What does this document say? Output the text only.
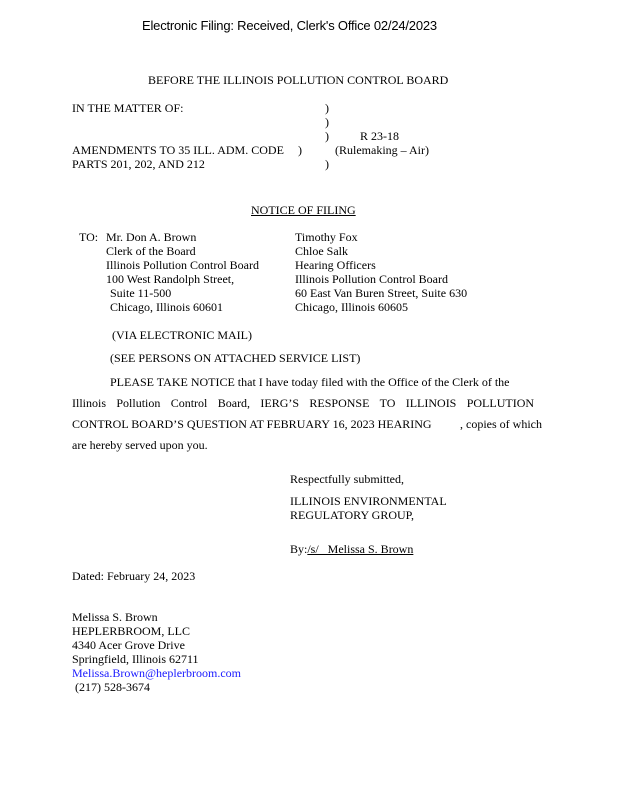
Electronic Filing: Received, Clerk's Office 02/24/2023
BEFORE THE ILLINOIS POLLUTION CONTROL BOARD
IN THE MATTER OF:	)
)
)	R 23-18
AMENDMENTS TO 35 ILL. ADM. CODE )	(Rulemaking – Air)
PARTS 201, 202, AND 212	)
NOTICE OF FILING
TO: Mr. Don A. Brown
Clerk of the Board
Illinois Pollution Control Board
100 West Randolph Street,
Suite 11-500
Chicago, Illinois 60601
Timothy Fox
Chloe Salk
Hearing Officers
Illinois Pollution Control Board
60 East Van Buren Street, Suite 630
Chicago, Illinois 60605
(VIA ELECTRONIC MAIL)
(SEE PERSONS ON ATTACHED SERVICE LIST)
PLEASE TAKE NOTICE that I have today filed with the Office of the Clerk of the
Illinois Pollution Control Board, IERG’S RESPONSE TO ILLINOIS POLLUTION
CONTROL BOARD’S QUESTION AT FEBRUARY 16, 2023 HEARING , copies of which
are hereby served upon you.
Respectfully submitted,
ILLINOIS ENVIRONMENTAL
REGULATORY GROUP,
By:/s/   Melissa S. Brown
Dated: February 24, 2023
Melissa S. Brown
HEPLERBROOM, LLC
4340 Acer Grove Drive
Springfield, Illinois 62711
Melissa.Brown@heplerbroom.com
(217) 528-3674
